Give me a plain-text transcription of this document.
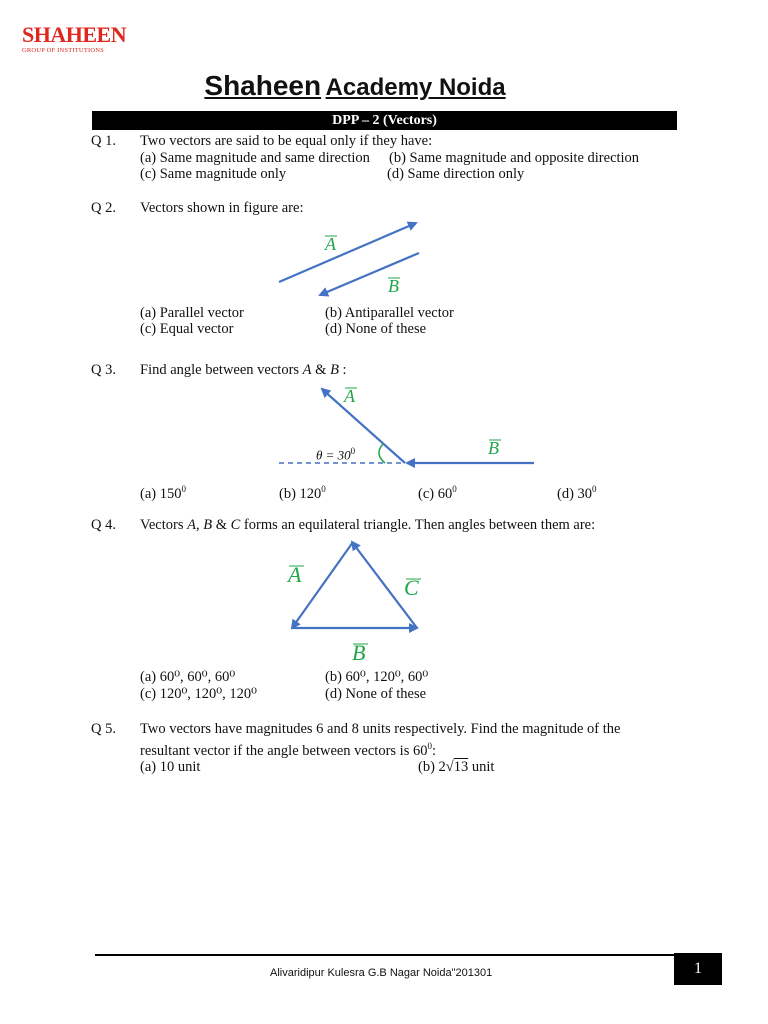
SHAHEEN
GROUP OF INSTITUTIONS
Shaheen Academy Noida
DPP – 2 (Vectors)
Q 1. Two vectors are said to be equal only if they have:
(a) Same magnitude and same direction (b) Same magnitude and opposite direction
(c) Same magnitude only	(d) Same direction only
Q 2. Vectors shown in figure are:
(a) Parallel vector	(b) Antiparallel vector
(c) Equal vector	(d) None of these
Q 3. Find angle between vectors A & B :
$\theta = 30^0$
(a) $150^0$	(b) $120^0$	(c) $60^0$	(d) $30^0$
Q 4. Vectors A, B & C forms an equilateral triangle. Then angles between them are:
(a) 60⁰, 60⁰, 60⁰	(b) 60⁰, 120⁰, 60⁰
(c) 120⁰, 120⁰, 120⁰	(d) None of these
Q 5. Two vectors have magnitudes 6 and 8 units respectively. Find the magnitude of the
resultant vector if the angle between vectors is $60^0$:
(a) 10 unit	(b) 2√13 unit
A
B
A
B
A
B
C
Alivaridipur Kulesra G.B Nagar Noida"201301	1
